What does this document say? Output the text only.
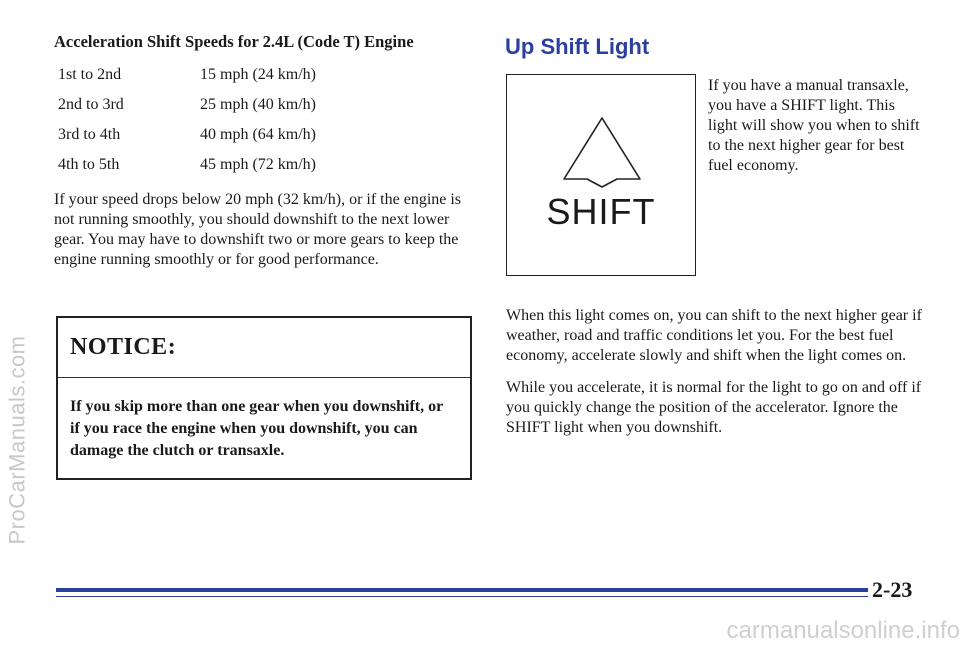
ProCarManuals.com
Acceleration Shift Speeds for 2.4L (Code T) Engine
1st to 2nd	15 mph (24 km/h)
2nd to 3rd	25 mph (40 km/h)
3rd to 4th	40 mph (64 km/h)
4th to 5th	45 mph (72 km/h)

If your speed drops below 20 mph (32 km/h), or if the engine is not running smoothly, you should downshift to the next lower gear. You may have to downshift two or more gears to keep the engine running smoothly or for good performance.

NOTICE:
If you skip more than one gear when you downshift, or if you race the engine when you downshift, you can damage the clutch or transaxle.
Up Shift Light
SHIFT

If you have a manual transaxle, you have a SHIFT light. This light will show you when to shift to the next higher gear for best fuel economy.

When this light comes on, you can shift to the next higher gear if weather, road and traffic conditions let you. For the best fuel economy, accelerate slowly and shift when the light comes on.

While you accelerate, it is normal for the light to go on and off if you quickly change the position of the accelerator. Ignore the SHIFT light when you downshift.

2-23
carmanualsonline.info
